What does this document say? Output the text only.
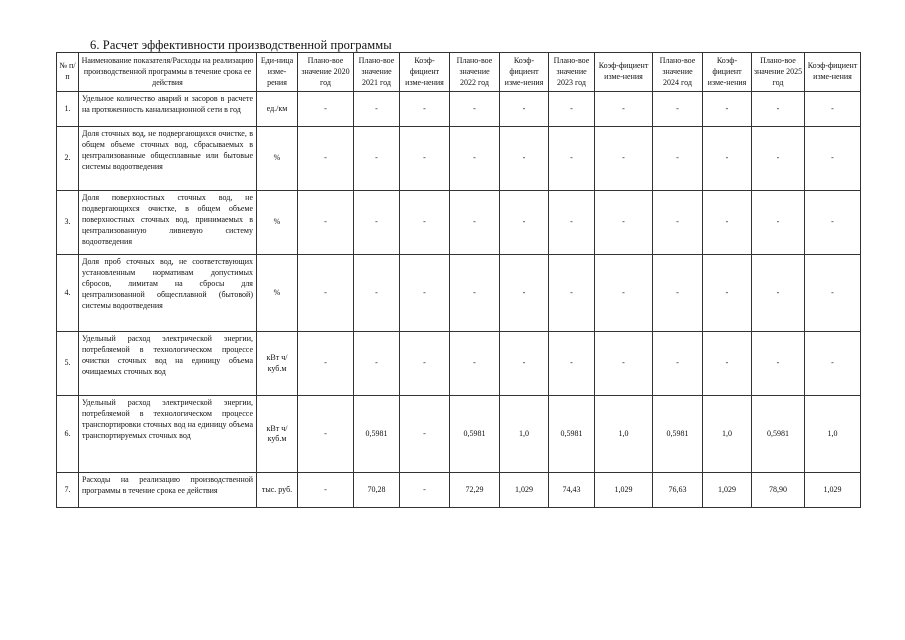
6. Расчет эффективности производственной программы
№ п/п	Наименование показателя/Расходы на реализацию производственной программы в течение срока ее действия	Еди-ница изме-рения	Плано-вое значение 2020 год	Плано-вое значение 2021 год	Коэф-фициент изме-нения	Плано-вое значение 2022 год	Коэф-фициент изме-нения	Плано-вое значение 2023 год	Коэф-фициент изме-нения	Плано-вое значение 2024 год	Коэф-фициент изме-нения	Плано-вое значение 2025 год	Коэф-фициент изме-нения
1.	Удельное количество аварий и засоров в расчете на протяженность канализационной сети в год	ед./км	-	-	-	-	-	-	-	-	-	-	-
2.	Доля сточных вод, не подвергающихся очистке, в общем объеме сточных вод, сбрасываемых в централизованные общесплавные или бытовые системы водоотведения	%	-	-	-	-	-	-	-	-	-	-	-
3.	Доля поверхностных сточных вод, не подвергающихся очистке, в общем объеме поверхностных сточных вод, принимаемых в централизованную ливневую систему водоотведения	%	-	-	-	-	-	-	-	-	-	-	-
4.	Доля проб сточных вод, не соответствующих установленным нормативам допустимых сбросов, лимитам на сбросы для централизованной общесплавной (бытовой) системы водоотведения	%	-	-	-	-	-	-	-	-	-	-	-
5.	Удельный расход электрической энергии, потребляемой в технологическом процессе очистки сточных вод на единицу объема очищаемых сточных вод	кВт ч/куб.м	-	-	-	-	-	-	-	-	-	-	-
6.	Удельный расход электрической энергии, потребляемой в технологическом процессе транспортировки сточных вод на единицу объема транспортируемых сточных вод	кВт ч/куб.м	-	0,5981	-	0,5981	1,0	0,5981	1,0	0,5981	1,0	0,5981	1,0
7.	Расходы на реализацию производственной программы в течение срока ее действия	тыс. руб.	-	70,28	-	72,29	1,029	74,43	1,029	76,63	1,029	78,90	1,029
